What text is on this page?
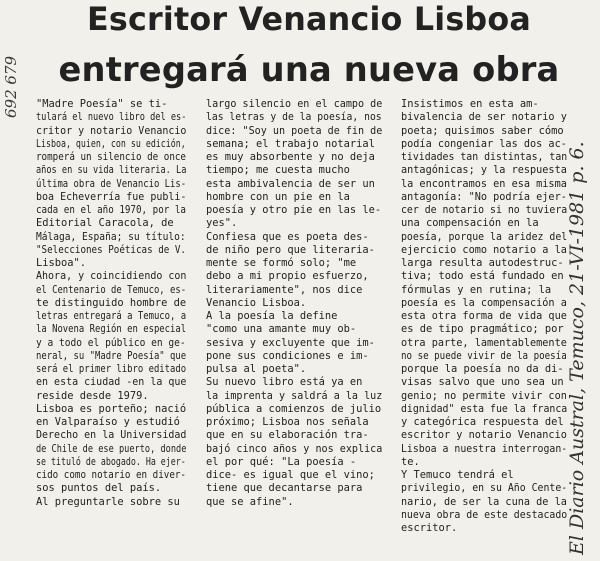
Escritor Venancio Lisboa
entregará una nueva obra
692 679 "Madre Poesía" se ti-
tulará el nuevo libro del es-
critor y notario Venancio
Lisboa, quien, con su edición,
romperá un silencio de once
años en su vida literaria. La
última obra de Venancio Lis-
boa Echeverría fue publi-
cada en el año 1970, por la
Editorial Caracola, de
Málaga, España; su título:
"Selecciones Poéticas de V.
Lisboa".
Ahora, y coincidiendo con
el Centenario de Temuco, es-
te distinguido hombre de
letras entregará a Temuco, a
la Novena Región en especial
y a todo el público en ge-
neral, su "Madre Poesía" que
será el primer libro editado
en esta ciudad -en la que
reside desde 1979.
Lisboa es porteño; nació
en Valparaíso y estudió
Derecho en la Universidad
de Chile de ese puerto, donde
se tituló de abogado. Ha ejer-
cido como notario en diver-
sos puntos del país.
Al preguntarle sobre su
largo silencio en el campo de
las letras y de la poesía, nos
dice: "Soy un poeta de fin de
semana; el trabajo notarial
es muy absorbente y no deja
tiempo; me cuesta mucho
esta ambivalencia de ser un
hombre con un pie en la
poesía y otro pie en las le-
yes".
Confiesa que es poeta des-
de niño pero que literaria-
mente se formó solo; "me
debo a mi propio esfuerzo,
literariamente", nos dice
Venancio Lisboa.
A la poesía la define
"como una amante muy ob-
sesiva y excluyente que im-
pone sus condiciones e im-
pulsa al poeta".
Su nuevo libro está ya en
la imprenta y saldrá a la luz
pública a comienzos de julio
próximo; Lisboa nos señala
que en su elaboración tra-
bajó cinco años y nos explica
el por qué: "La poesía -
dice- es igual que el vino;
tiene que decantarse para
que se afine".
Insistimos en esta am-
bivalencia de ser notario y
poeta; quisimos saber cómo
podía congeniar las dos ac-
tividades tan distintas, tan
antagónicas; y la respuesta
la encontramos en esa misma
antagonía: "No podría ejer-
cer de notario si no tuviera
una compensación en la
poesía, porque la aridez del
ejercicio como notario a la
larga resulta autodestruc-
tiva; todo está fundado en
fórmulas y en rutina; la
poesía es la compensación a
esta otra forma de vida que
es de tipo pragmático; por
otra parte, lamentablemente
no se puede vivir de la poesía
porque la poesía no da di-
visas salvo que uno sea un
genio; no permite vivir con
dignidad" esta fue la franca
y categórica respuesta del
escritor y notario Venancio
Lisboa a nuestra interrogan-
te.
Y Temuco tendrá el
privilegio, en su Año Cente-
nario, de ser la cuna de la
nueva obra de este destacado
escritor.	El Diario Austral, Temuco, 21-VI-1981 p. 6.
